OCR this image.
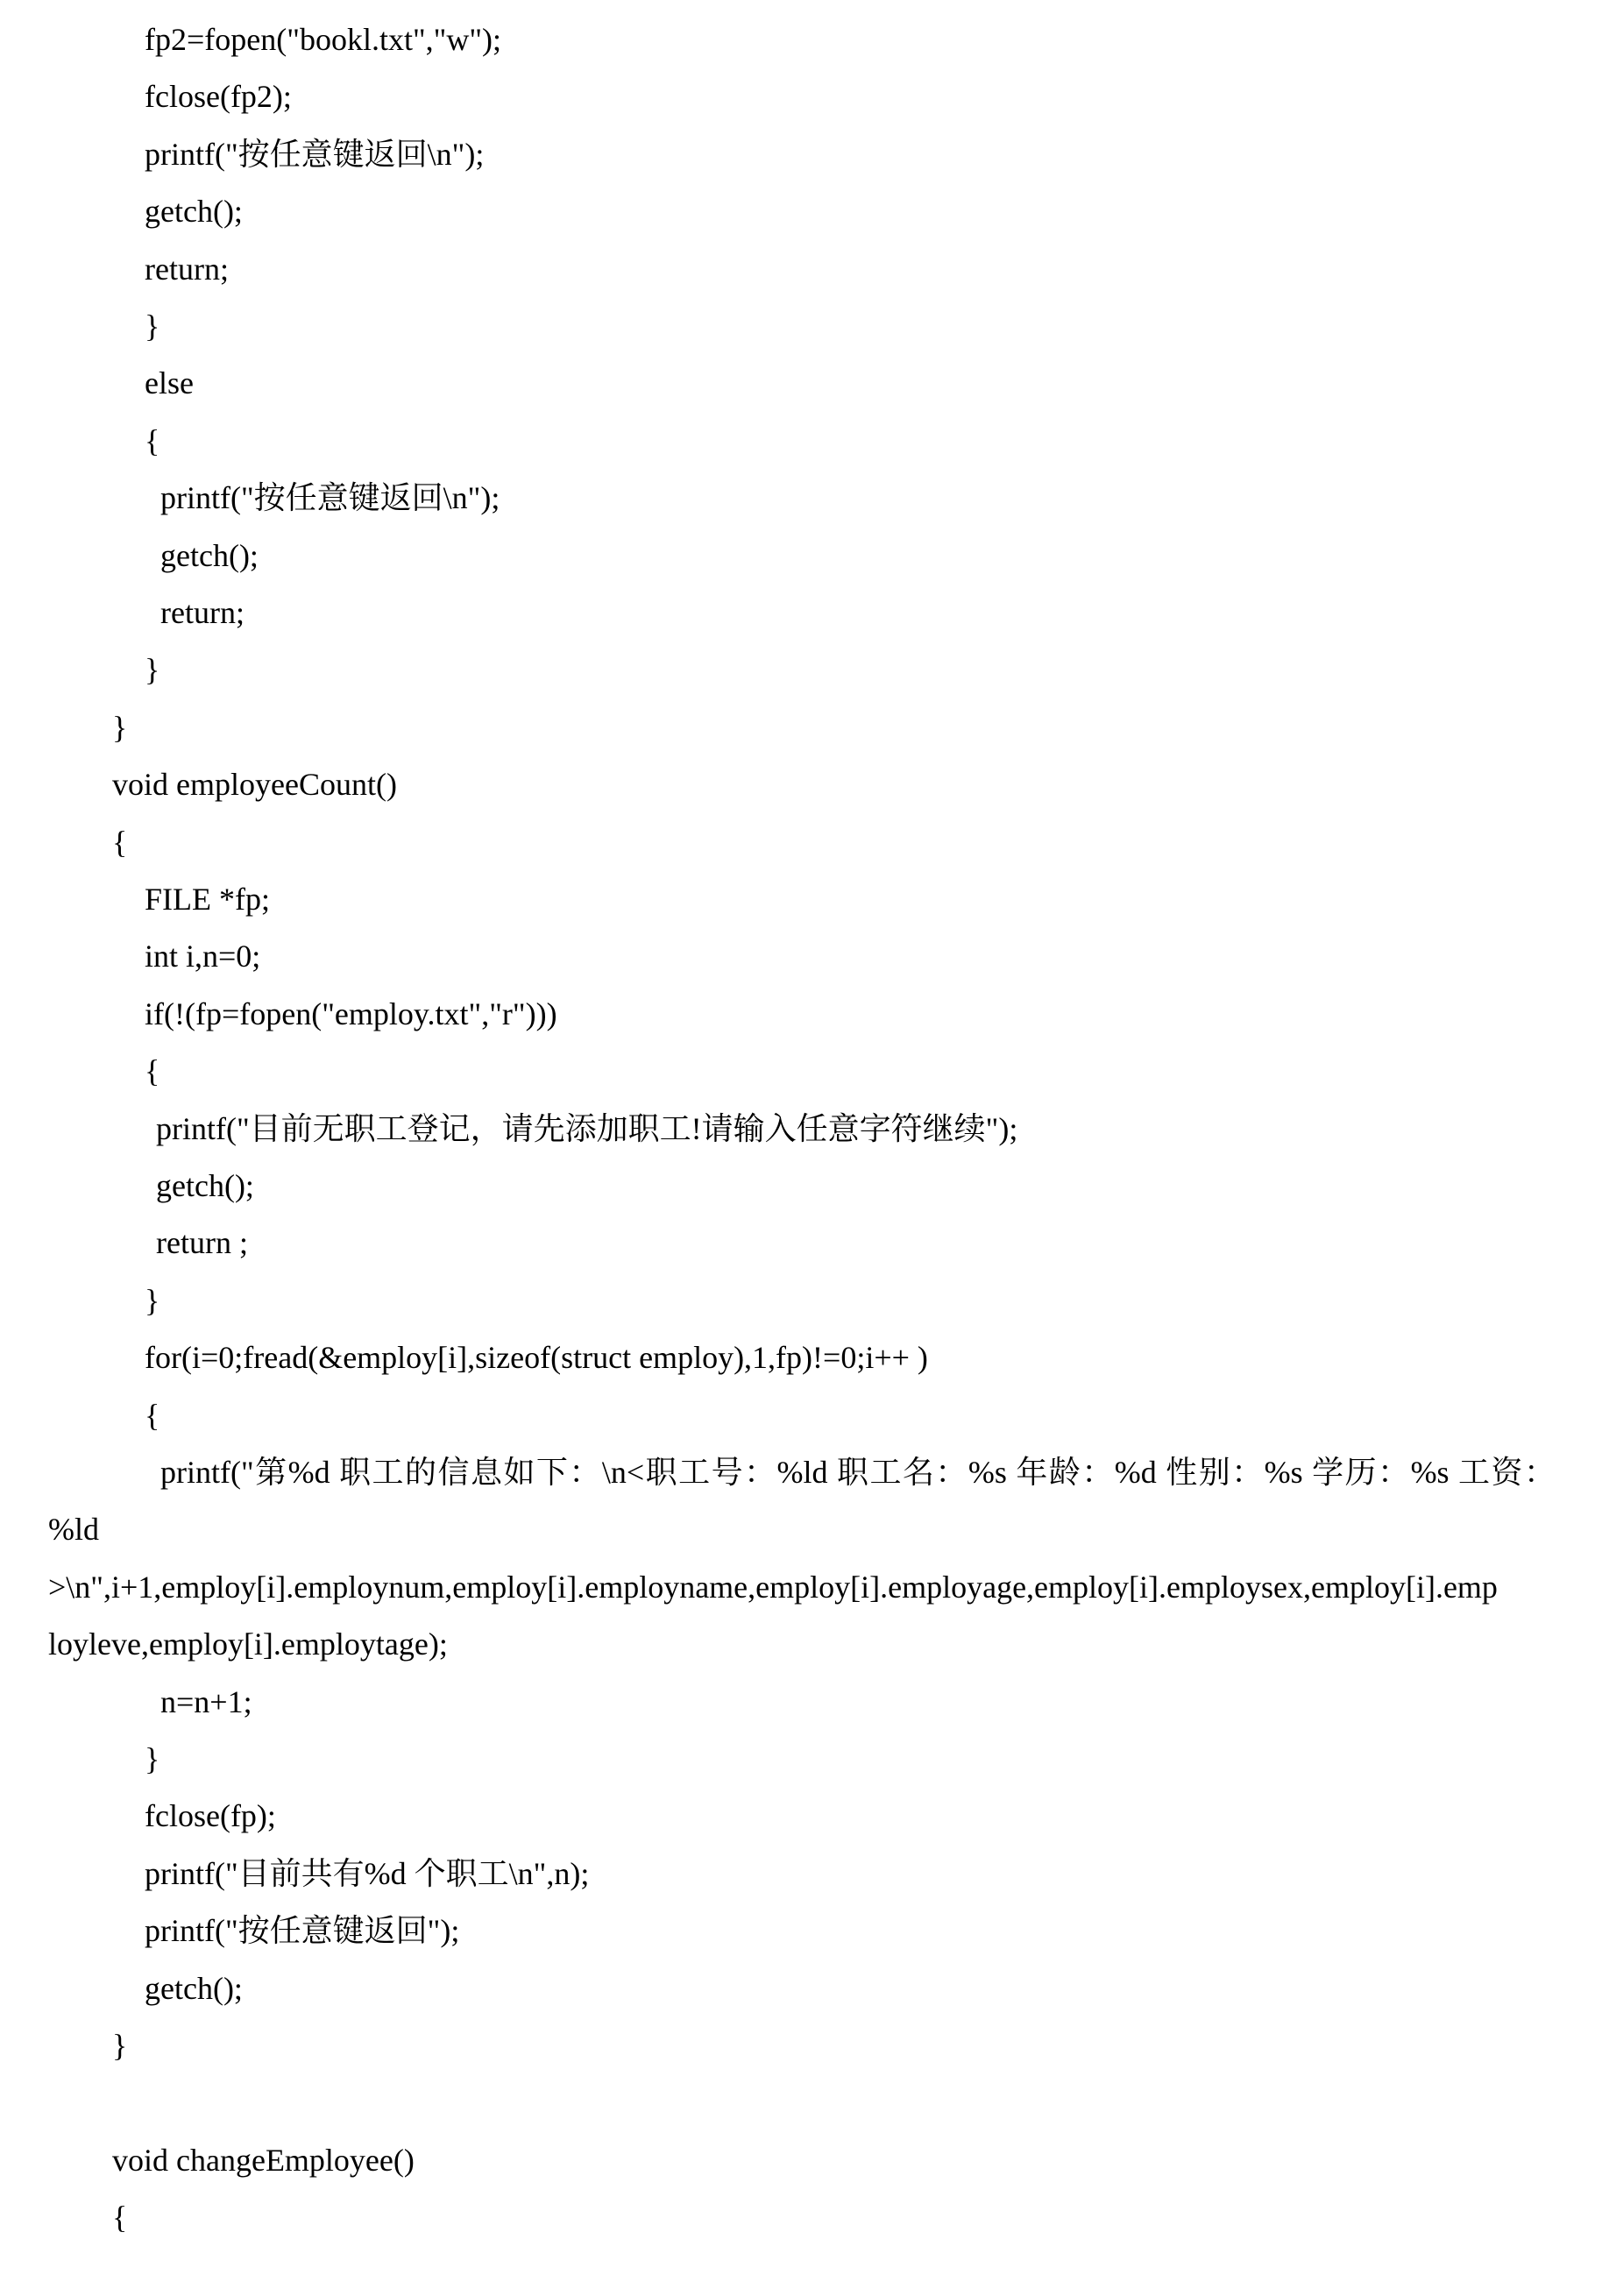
fp2=fopen("bookl.txt","w");
fclose(fp2);
printf("按任意键返回\n");
getch();
return;
}
else
{
printf("按任意键返回\n");
getch();
return;
}
}
void employeeCount()
{
FILE *fp;
int i,n=0;
if(!(fp=fopen("employ.txt","r")))
{
printf("目前无职工登记，请先添加职工!请输入任意字符继续");
getch();
return ;
}
for(i=0;fread(&employ[i],sizeof(struct employ),1,fp)!=0;i++ )
{
printf("第%d 职工的信息如下：\n<职工号：%ld 职工名：%s 年龄：%d 性别：%s 学历：%s 工资：
%ld
>\n",i+1,employ[i].employnum,employ[i].employname,employ[i].employage,employ[i].employsex,employ[i].emp
loyleve,employ[i].employtage);
n=n+1;
}
fclose(fp);
printf("目前共有%d 个职工\n",n);
printf("按任意键返回");
getch();
}
void changeEmployee()
{
